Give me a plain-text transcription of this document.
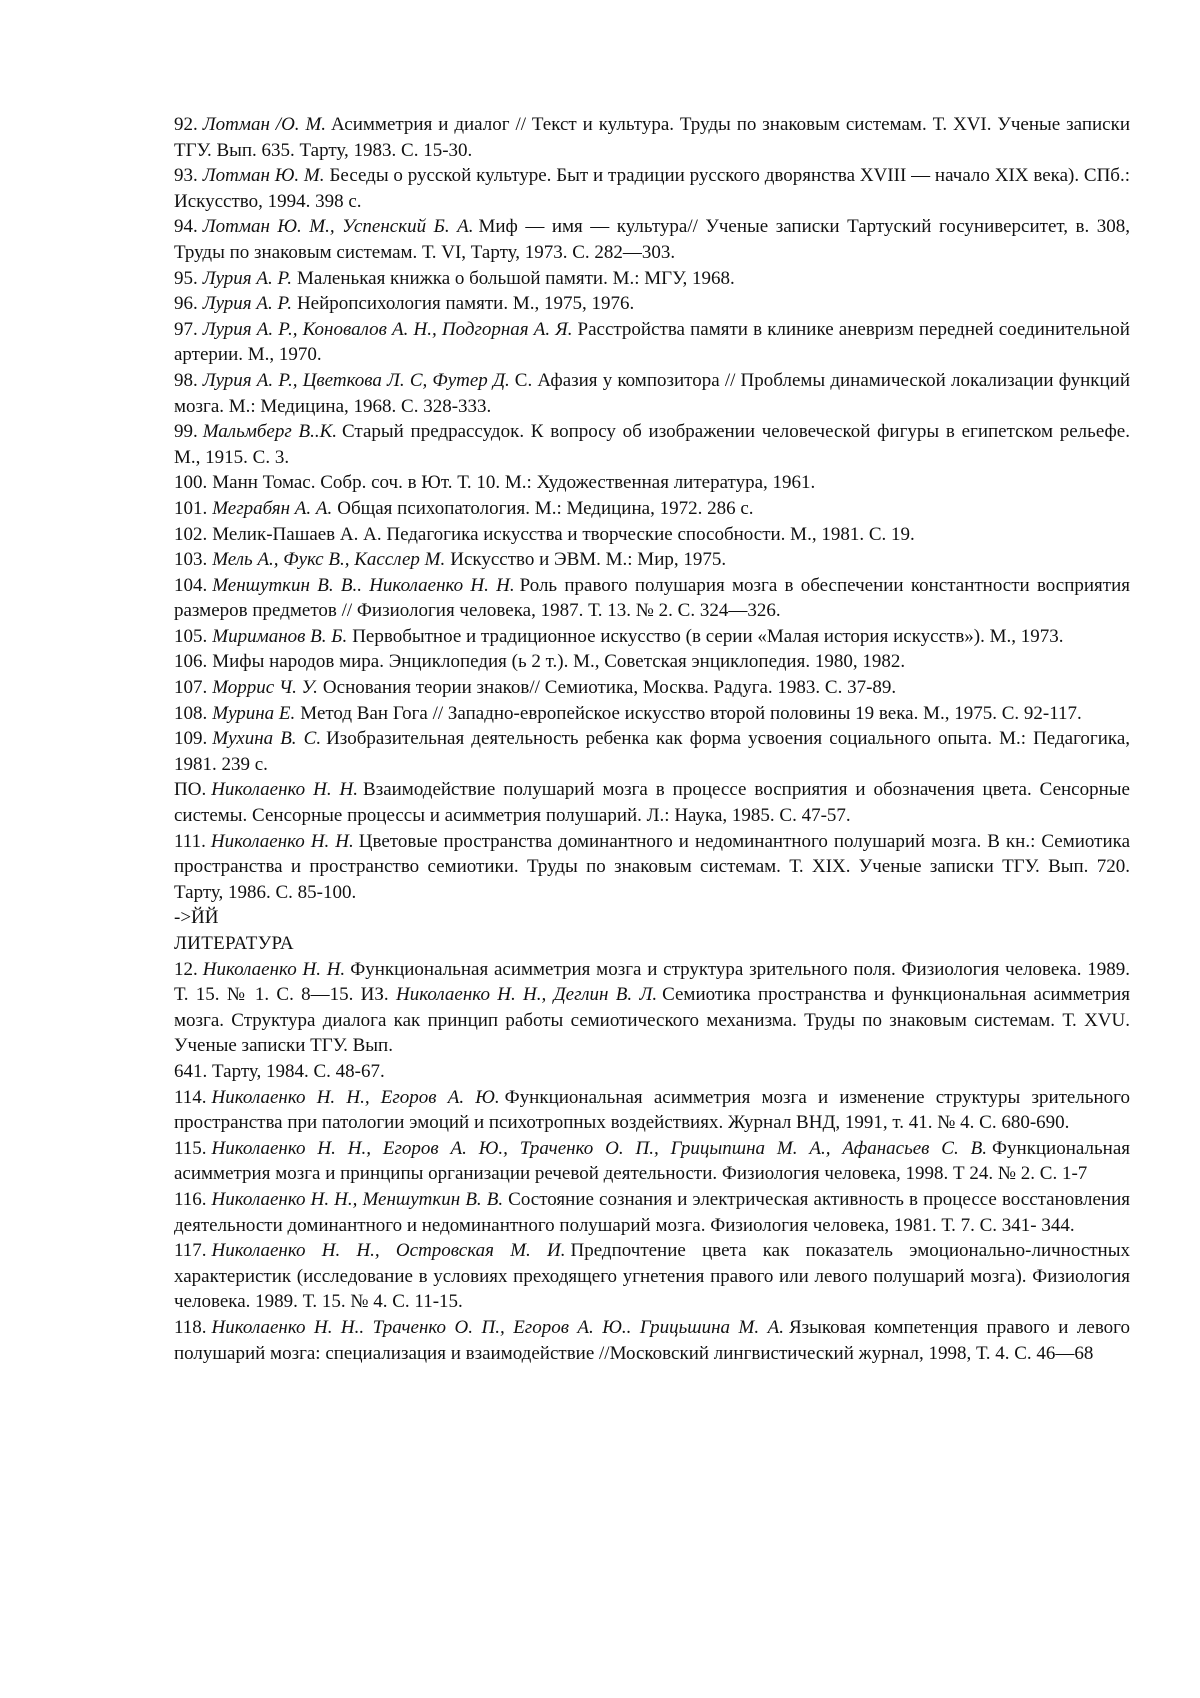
92. Лотман /О. М. Асимметрия и диалог // Текст и культура. Труды по знаковым системам. Т. XVI. Ученые записки ТГУ. Вып. 635. Тарту, 1983. С. 15-30.

93. Лотман Ю. М. Беседы о русской культуре. Быт и традиции русского дворянства XVIII — начало XIX века). СПб.: Искусство, 1994. 398 с.

94. Лотман Ю. М., Успенский Б. А. Миф — имя — культура// Ученые записки Тартуский госуниверситет, в. 308, Труды по знаковым системам. Т. VI, Тарту, 1973. С. 282—303.

95. Лурия А. Р. Маленькая книжка о большой памяти. М.: МГУ, 1968.

96. Лурия А. Р. Нейропсихология памяти. М., 1975, 1976.

97. Лурия А. Р., Коновалов А. Н., Подгорная А. Я. Расстройства памяти в клинике аневризм передней соединительной артерии. М., 1970.

98. Лурия А. Р., Цветкова Л. С, Футер Д. С. Афазия у композитора // Проблемы динамической локализации функций мозга. М.: Медицина, 1968. С. 328-333.

99. Мальмберг В..К. Старый предрассудок. К вопросу об изображении человеческой фигуры в египетском рельефе. М., 1915. С. 3.

100. Манн Томас. Собр. соч. в Ют. Т. 10. М.: Художественная литература, 1961.

101. Меграбян А. А. Общая психопатология. М.: Медицина, 1972. 286 с.

102. Мелик-Пашаев А. А. Педагогика искусства и творческие способности. М., 1981. С. 19.

103. Мель А., Фукс В., Касслер М. Искусство и ЭВМ. М.: Мир, 1975.

104. Меншуткин В. В.. Николаенко Н. Н. Роль правого полушария мозга в обеспечении константности восприятия размеров предметов // Физиология человека, 1987. Т. 13. № 2. С. 324—326.

105. Мириманов В. Б. Первобытное и традиционное искусство (в серии «Малая история искусств»). М., 1973.

106. Мифы народов мира. Энциклопедия (ь 2 т.). М., Советская энциклопедия. 1980, 1982.

107. Моррис Ч. У. Основания теории знаков// Семиотика, Москва. Радуга. 1983. С. 37-89.

108. Мурина Е. Метод Ван Гога // Западно-европейское искусство второй половины 19 века. М., 1975. С. 92-117.

109. Мухина В. С. Изобразительная деятельность ребенка как форма усвоения социального опыта. М.: Педагогика, 1981. 239 с.

ПО. Николаенко Н. Н. Взаимодействие полушарий мозга в процессе восприятия и обозначения цвета. Сенсорные системы. Сенсорные процессы и асимметрия полушарий. Л.: Наука, 1985. С. 47-57.

111. Николаенко Н. Н. Цветовые пространства доминантного и недоминантного полушарий мозга. В кн.: Семиотика пространства и пространство семиотики. Труды по знаковым системам. Т. XIX. Ученые записки ТГУ. Вып. 720. Тарту, 1986. С. 85-100.

->ЙЙ

ЛИТЕРАТУРА

12. Николаенко Н. Н. Функциональная асимметрия мозга и структура зрительного поля. Физиология человека. 1989. Т. 15. № 1. С. 8—15. ИЗ. Николаенко Н. Н., Деглин В. Л. Семиотика пространства и функциональная асимметрия мозга. Структура диалога как принцип работы семиотического механизма. Труды по знаковым системам. Т. XVU. Ученые записки ТГУ. Вып.

641. Тарту, 1984. С. 48-67.

114. Николаенко Н. Н., Егоров А. Ю. Функциональная асимметрия мозга и изменение структуры зрительного пространства при патологии эмоций и психотропных воздействиях. Журнал ВНД, 1991, т. 41. № 4. С. 680-690.

115. Николаенко Н. Н., Егоров А. Ю., Траченко О. П., Грицыпшна М. А., Афанасьев С. В. Функциональная асимметрия мозга и принципы организации речевой деятельности. Физиология человека, 1998. Т 24. № 2. С. 1-7

116. Николаенко Н. Н., Меншуткин В. В. Состояние сознания и электрическая активность в процессе восстановления деятельности доминантного и недоминантного полушарий мозга. Физиология человека, 1981. Т. 7. С. 341- 344.

117. Николаенко Н. Н., Островская М. И. Предпочтение цвета как показатель эмоционально-личностных характеристик (исследование в условиях преходящего угнетения правого или левого полушарий мозга). Физиология человека. 1989. Т. 15. № 4. С. 11-15.

118. Николаенко Н. Н.. Траченко О. П., Егоров А. Ю.. Грицьшина М. А. Языковая компетенция правого и левого полушарий мозга: специализация и взаимодействие //Московский лингвистический журнал, 1998, Т. 4. С. 46—68
